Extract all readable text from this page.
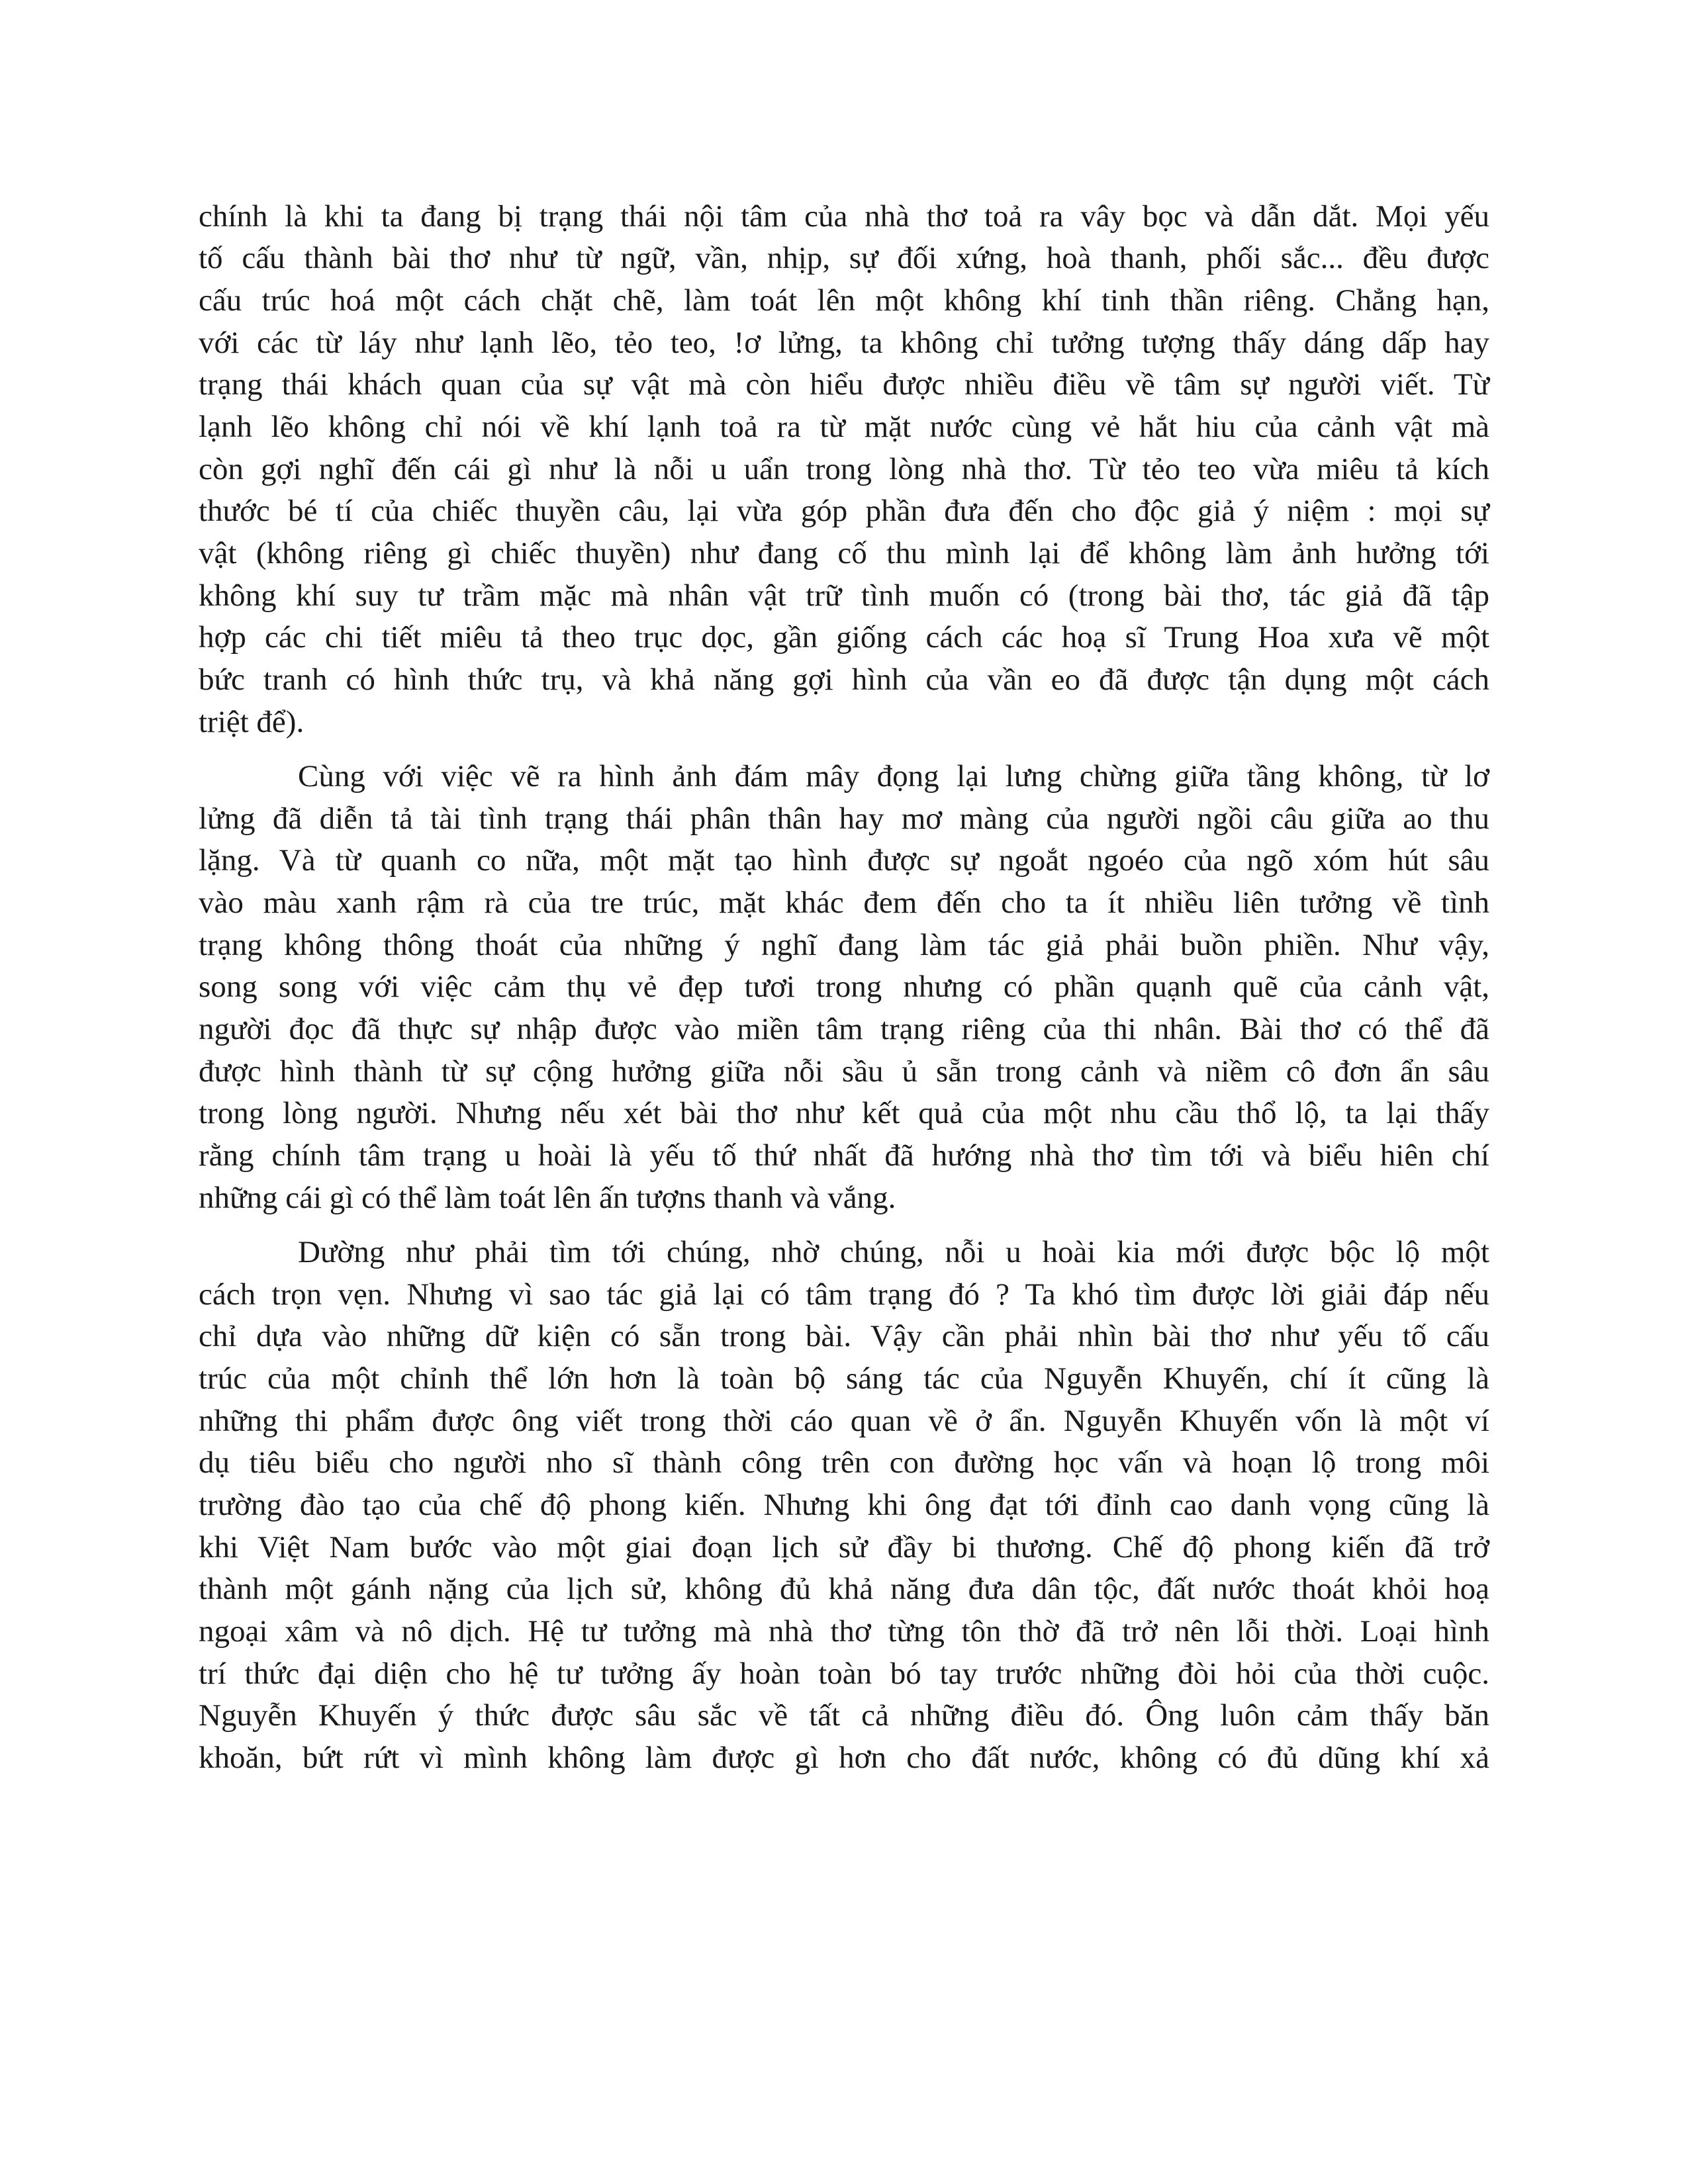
chính là khi ta đang bị trạng thái nội tâm của nhà thơ toả ra vây bọc và dẫn dắt. Mọi yếu
tố cấu thành bài thơ như từ ngữ, vần, nhịp, sự đối xứng, hoà thanh, phối sắc... đều được
cấu trúc hoá một cách chặt chẽ, làm toát lên một không khí tinh thần riêng. Chẳng hạn,
với các từ láy như lạnh lẽo, tẻo teo, !ơ lửng, ta không chỉ tưởng tượng thấy dáng dấp hay
trạng thái khách quan của sự vật mà còn hiểu được nhiều điều về tâm sự người viết. Từ
lạnh lẽo không chỉ nói về khí lạnh toả ra từ mặt nước cùng vẻ hắt hiu của cảnh vật mà
còn gợi nghĩ đến cái gì như là nỗi u uẩn trong lòng nhà thơ. Từ tẻo teo vừa miêu tả kích
thước bé tí của chiếc thuyền câu, lại vừa góp phần đưa đến cho độc giả ý niệm : mọi sự
vật (không riêng gì chiếc thuyền) như đang cố thu mình lại để không làm ảnh hưởng tới
không khí suy tư trầm mặc mà nhân vật trữ tình muốn có (trong bài thơ, tác giả đã tập
hợp các chi tiết miêu tả theo trục dọc, gần giống cách các hoạ sĩ Trung Hoa xưa vẽ một
bức tranh có hình thức trụ, và khả năng gợi hình của vần eo đã được tận dụng một cách
triệt để).
Cùng với việc vẽ ra hình ảnh đám mây đọng lại lưng chừng giữa tầng không, từ lơ
lửng đã diễn tả tài tình trạng thái phân thân hay mơ màng của người ngồi câu giữa ao thu
lặng. Và từ quanh co nữa, một mặt tạo hình được sự ngoắt ngoéo của ngõ xóm hút sâu
vào màu xanh rậm rà của tre trúc, mặt khác đem đến cho ta ít nhiều liên tưởng về tình
trạng không thông thoát của những ý nghĩ đang làm tác giả phải buồn phiền. Như vậy,
song song với việc cảm thụ vẻ đẹp tươi trong nhưng có phần quạnh quẽ của cảnh vật,
người đọc đã thực sự nhập được vào miền tâm trạng riêng của thi nhân. Bài thơ có thể đã
được hình thành từ sự cộng hưởng giữa nỗi sầu ủ sẵn trong cảnh và niềm cô đơn ẩn sâu
trong lòng người. Nhưng nếu xét bài thơ như kết quả của một nhu cầu thổ lộ, ta lại thấy
rằng chính tâm trạng u hoài là yếu tố thứ nhất đã hướng nhà thơ tìm tới và biểu hiên chí
những cái gì có thể làm toát lên ấn tượns thanh và vắng.
Dường như phải tìm tới chúng, nhờ chúng, nỗi u hoài kia mới được bộc lộ một
cách trọn vẹn. Nhưng vì sao tác giả lại có tâm trạng đó ? Ta khó tìm được lời giải đáp nếu
chỉ dựa vào những dữ kiện có sẵn trong bài. Vậy cần phải nhìn bài thơ như yếu tố cấu
trúc của một chỉnh thể lớn hơn là toàn bộ sáng tác của Nguyễn Khuyến, chí ít cũng là
những thi phẩm được ông viết trong thời cáo quan về ở ẩn. Nguyễn Khuyến vốn là một ví
dụ tiêu biểu cho người nho sĩ thành công trên con đường học vấn và hoạn lộ trong môi
trường đào tạo của chế độ phong kiến. Nhưng khi ông đạt tới đỉnh cao danh vọng cũng là
khi Việt Nam bước vào một giai đoạn lịch sử đầy bi thương. Chế độ phong kiến đã trở
thành một gánh nặng của lịch sử, không đủ khả năng đưa dân tộc, đất nước thoát khỏi hoạ
ngoại xâm và nô dịch. Hệ tư tưởng mà nhà thơ từng tôn thờ đã trở nên lỗi thời. Loại hình
trí thức đại diện cho hệ tư tưởng ấy hoàn toàn bó tay trước những đòi hỏi của thời cuộc.
Nguyễn Khuyến ý thức được sâu sắc về tất cả những điều đó. Ông luôn cảm thấy băn
khoăn, bứt rứt vì mình không làm được gì hơn cho đất nước, không có đủ dũng khí xả
